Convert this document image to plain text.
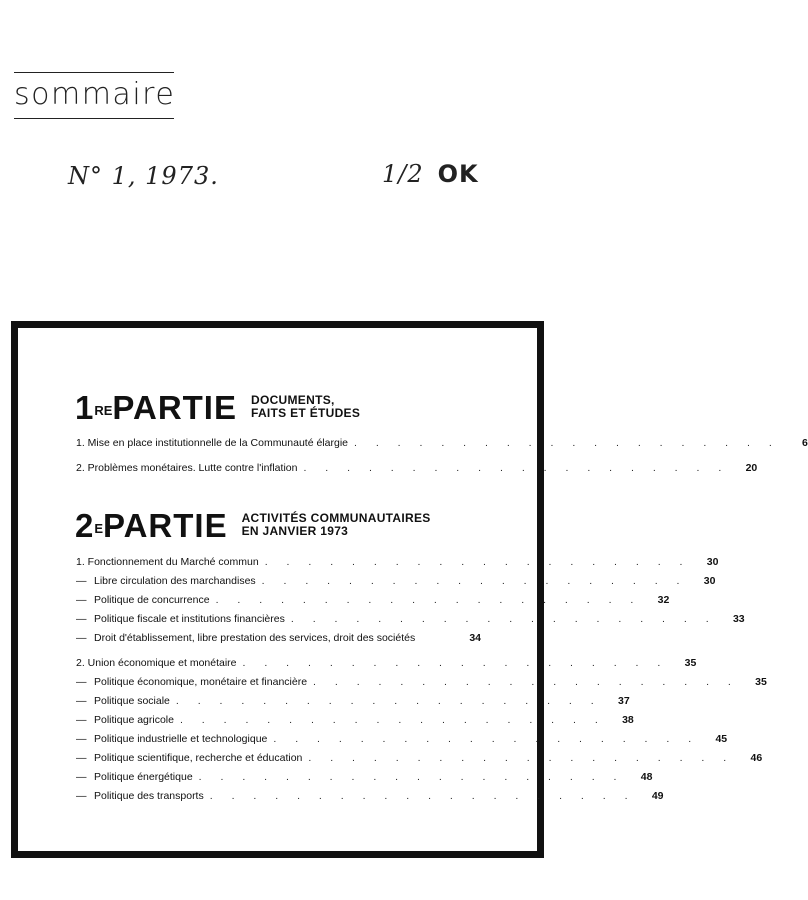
sommaire
N° 1, 1973.	1/2 OK
1REPARTIE DOCUMENTS,
FAITS ET ÉTUDES
1. Mise en place institutionnelle de la Communauté élargie . . . . . . . . . . . . . . . . . . . .	6
2. Problèmes monétaires. Lutte contre l'inflation . . . . . . . . . . . . . . . . . . . .	20
$2^EPARTIE$ ACTIVITÉS COMMUNAUTAIRES
EN JANVIER 1973
1. Fonctionnement du Marché commun . . . . . . . . . . . . . . . . . . . .	30
— Libre circulation des marchandises . . . . . . . . . . . . . . . . . . . .	30
— Politique de concurrence . . . . . . . . . . . . . . . . . . . .	32
— Politique fiscale et institutions financières . . . . . . . . . . . . . . . . . . . .	33
— Droit d'établissement, libre prestation des services, droit des sociétés	34
2. Union économique et monétaire . . . . . . . . . . . . . . . . . . . .	35
— Politique économique, monétaire et financière . . . . . . . . . . . . . . . . . . . .	35
— Politique sociale . . . . . . . . . . . . . . . . . . . .	37
— Politique agricole . . . . . . . . . . . . . . . . . . . .	38
— Politique industrielle et technologique . . . . . . . . . . . . . . . . . . . .	45
— Politique scientifique, recherche et éducation . . . . . . . . . . . . . . . . . . . .	46
— Politique énergétique . . . . . . . . . . . . . . . . . . . .	48
— Politique des transports . . . . . . . . . . . . . . . . . . . .	49
